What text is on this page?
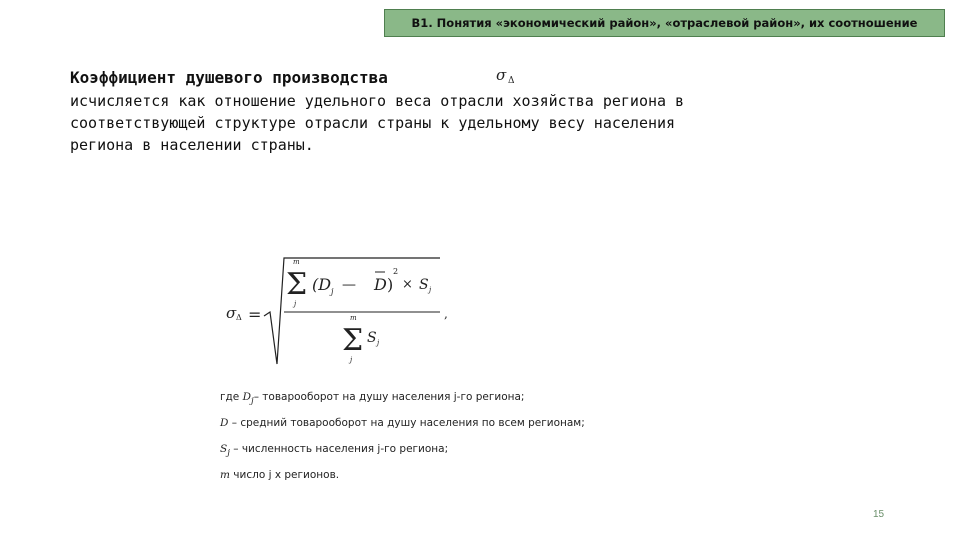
В1. Понятия «экономический район», «отраслевой район», их соотношение
Коэффициент душевого производства	σ Δ
исчисляется как отношение удельного веса отрасли хозяйства региона в
соответствующей структуре отрасли страны к удельному весу населения
региона в населении страны.
σ Δ =
m
Σ
j
(D j — D )
2
× S j
m
Σ
j
S j
,
где $D_j-$ товарооборот на душу населения j-го региона;
D – средний товарооборот на душу населения по всем регионам;
$S_j$ – численность населения j-го региона;
m число j х регионов.
15
